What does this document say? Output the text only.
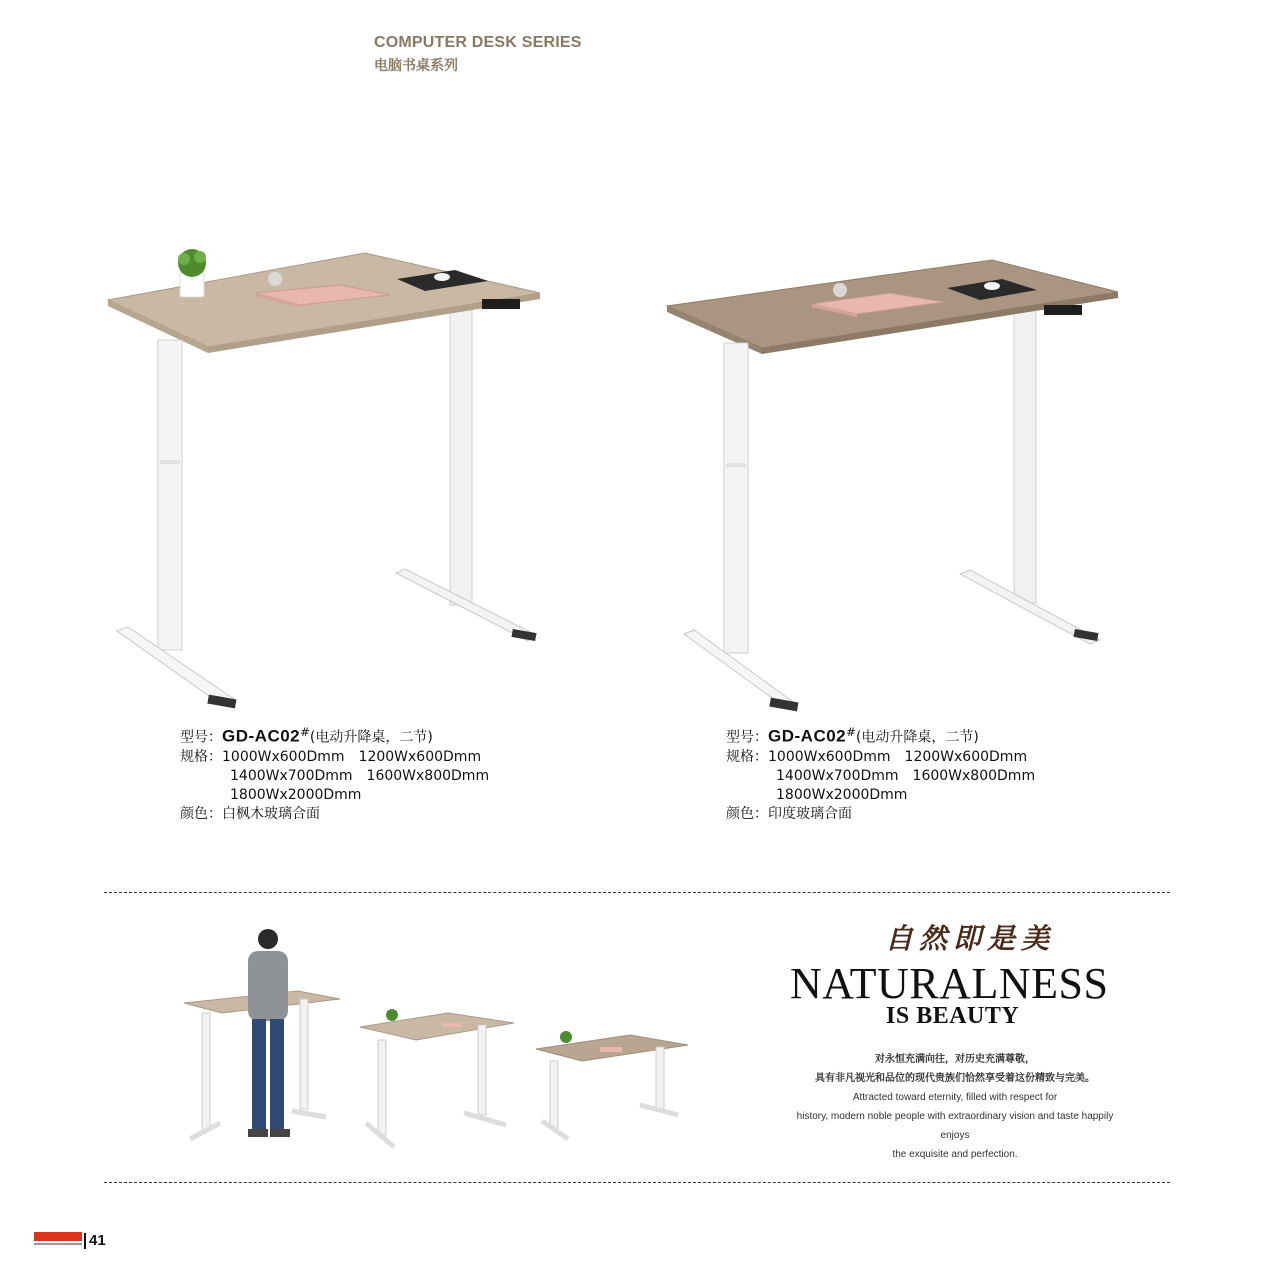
COMPUTER DESK SERIES
电脑书桌系列
型号：GD-AC02#(电动升降桌，二节)
规格：1000Wx600Dmm 1200Wx600Dmm
1400Wx700Dmm 1600Wx800Dmm
1800Wx2000Dmm
颜色：白枫木玻璃合面
型号：GD-AC02#(电动升降桌，二节)
规格：1000Wx600Dmm 1200Wx600Dmm
1400Wx700Dmm 1600Wx800Dmm
1800Wx2000Dmm
颜色：印度玻璃合面
自然即是美
NATURALNESS
IS BEAUTY
对永恒充满向往，对历史充满尊敬，
具有非凡视光和品位的现代贵族们恰然享受着这份精致与完美。
Attracted toward eternity, filled with respect for
history, modern noble people with extraordinary vision and taste happily
enjoys
the exquisite and perfection.
41
